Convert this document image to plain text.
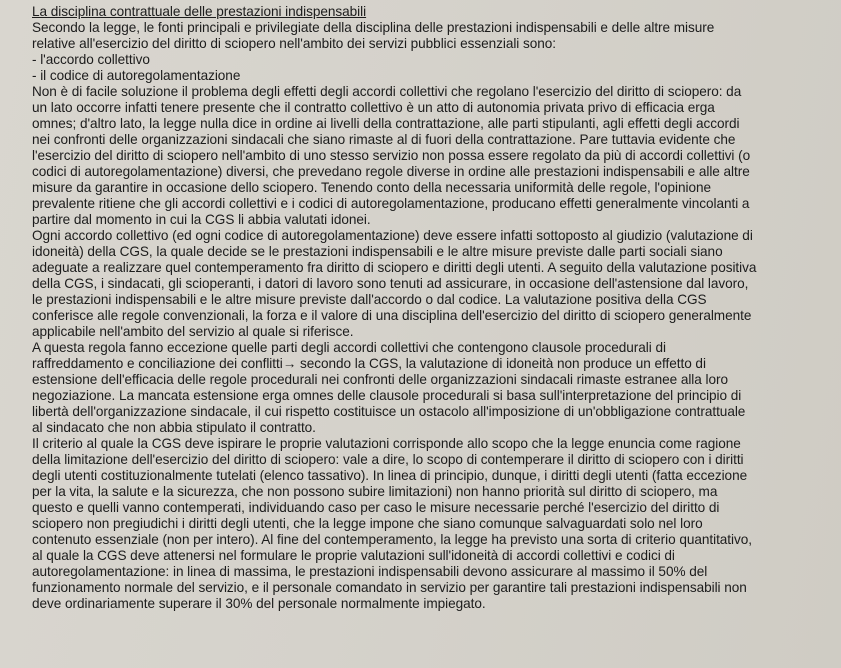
La disciplina contrattuale delle prestazioni indispensabili
Secondo la legge, le fonti principali e privilegiate della disciplina delle prestazioni indispensabili e delle altre misure
relative all'esercizio del diritto di sciopero nell'ambito dei servizi pubblici essenziali sono:
- l'accordo collettivo
- il codice di autoregolamentazione
Non è di facile soluzione il problema degli effetti degli accordi collettivi che regolano l'esercizio del diritto di sciopero: da
un lato occorre infatti tenere presente che il contratto collettivo è un atto di autonomia privata privo di efficacia erga
omnes; d'altro lato, la legge nulla dice in ordine ai livelli della contrattazione, alle parti stipulanti, agli effetti degli accordi
nei confronti delle organizzazioni sindacali che siano rimaste al di fuori della contrattazione. Pare tuttavia evidente che
l'esercizio del diritto di sciopero nell'ambito di uno stesso servizio non possa essere regolato da più di accordi collettivi (o
codici di autoregolamentazione) diversi, che prevedano regole diverse in ordine alle prestazioni indispensabili e alle altre
misure da garantire in occasione dello sciopero. Tenendo conto della necessaria uniformità delle regole, l'opinione
prevalente ritiene che gli accordi collettivi e i codici di autoregolamentazione, producano effetti generalmente vincolanti a
partire dal momento in cui la CGS li abbia valutati idonei.
Ogni accordo collettivo (ed ogni codice di autoregolamentazione) deve essere infatti sottoposto al giudizio (valutazione di
idoneità) della CGS, la quale decide se le prestazioni indispensabili e le altre misure previste dalle parti sociali siano
adeguate a realizzare quel contemperamento fra diritto di sciopero e diritti degli utenti. A seguito della valutazione positiva
della CGS, i sindacati, gli scioperanti, i datori di lavoro sono tenuti ad assicurare, in occasione dell'astensione dal lavoro,
le prestazioni indispensabili e le altre misure previste dall'accordo o dal codice. La valutazione positiva della CGS
conferisce alle regole convenzionali, la forza e il valore di una disciplina dell'esercizio del diritto di sciopero generalmente
applicabile nell'ambito del servizio al quale si riferisce.
A questa regola fanno eccezione quelle parti degli accordi collettivi che contengono clausole procedurali di
raffreddamento e conciliazione dei conflitti→ secondo la CGS, la valutazione di idoneità non produce un effetto di
estensione dell'efficacia delle regole procedurali nei confronti delle organizzazioni sindacali rimaste estranee alla loro
negoziazione. La mancata estensione erga omnes delle clausole procedurali si basa sull'interpretazione del principio di
libertà dell'organizzazione sindacale, il cui rispetto costituisce un ostacolo all'imposizione di un'obbligazione contrattuale
al sindacato che non abbia stipulato il contratto.
Il criterio al quale la CGS deve ispirare le proprie valutazioni corrisponde allo scopo che la legge enuncia come ragione
della limitazione dell'esercizio del diritto di sciopero: vale a dire, lo scopo di contemperare il diritto di sciopero con i diritti
degli utenti costituzionalmente tutelati (elenco tassativo). In linea di principio, dunque, i diritti degli utenti (fatta eccezione
per la vita, la salute e la sicurezza, che non possono subire limitazioni) non hanno priorità sul diritto di sciopero, ma
questo e quelli vanno contemperati, individuando caso per caso le misure necessarie perché l'esercizio del diritto di
sciopero non pregiudichi i diritti degli utenti, che la legge impone che siano comunque salvaguardati solo nel loro
contenuto essenziale (non per intero). Al fine del contemperamento, la legge ha previsto una sorta di criterio quantitativo,
al quale la CGS deve attenersi nel formulare le proprie valutazioni sull'idoneità di accordi collettivi e codici di
autoregolamentazione: in linea di massima, le prestazioni indispensabili devono assicurare al massimo il 50% del
funzionamento normale del servizio, e il personale comandato in servizio per garantire tali prestazioni indispensabili non
deve ordinariamente superare il 30% del personale normalmente impiegato.
